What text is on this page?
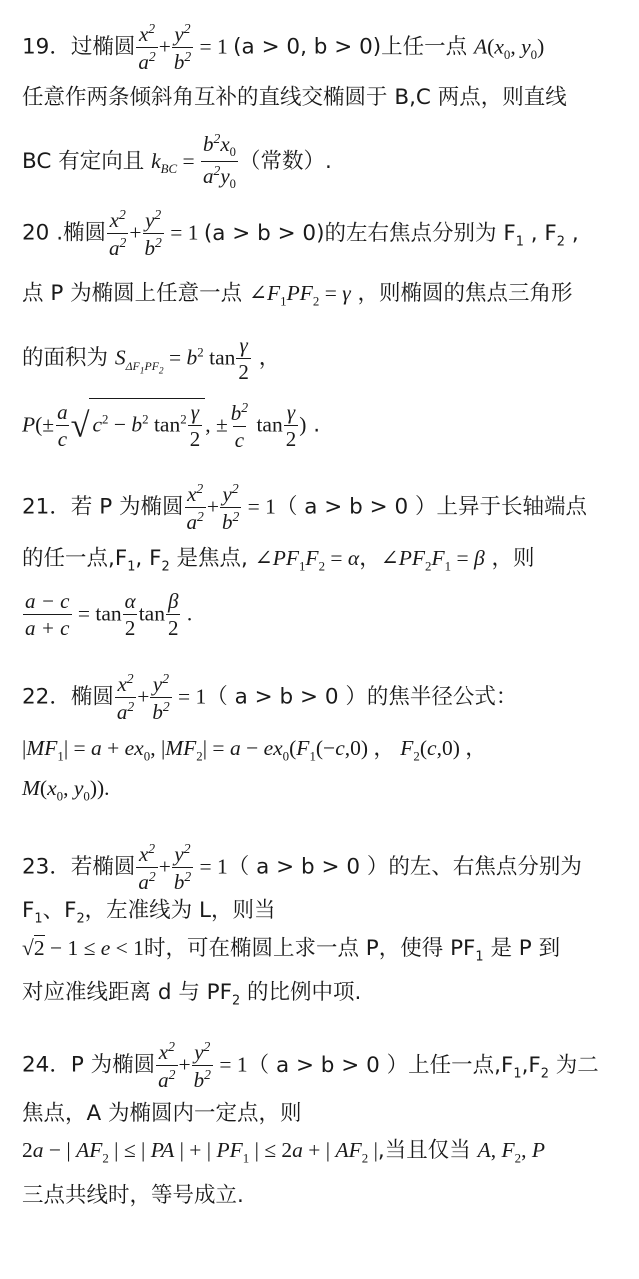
19．过椭圆 $\frac{x^2}{a^2} + \frac{y^2}{b^2} = 1$ (a > 0, b > 0)上任一点 $A(x_0$, $y_0$)
任意作两条倾斜角互补的直线交椭圆于 B,C 两点，则直线
BC 有定向且 $k_{BC} = \frac{b^2x_0}{a^2y_0}$ （常数）.
20 .椭圆 $\frac{x^2}{a^2} + \frac{y^2}{b^2} = 1$ (a > b > 0)的左右焦点分别为 $F_1$ , $F_2$ ,
点 P 为椭圆上任意一点 $\angle F_1PF_2 = \gamma$ ，则椭圆的焦点三角形
的面积为 $S_{\Delta F_1PF_2} = b^2$ $\tan \frac{\gamma}{2}$ ，
$P(\pm \frac{a}{c}$ √ $c^2 - b^2$ $\tan^2 \frac{\gamma}{2}$ , ± $\frac{b^2}{c}$ $\tan \frac{\gamma}{2}$ ) .
21．若 P 为椭圆 $\frac{x^2}{a^2} + \frac{y^2}{b^2} = 1$（ a > b > 0 ）上异于长轴端点
的任一点$,F_1$, $F_2$ 是焦点, $\angle PF_1F_2 = \alpha$，$\angle PF_2F_1 = \beta$ ，则
$\frac{a - c}{a + c} = \tan \frac{\alpha}{2}$ $\tan \frac{\beta}{2}$ .
22．椭圆 $\frac{x^2}{a^2} + \frac{y^2}{b^2} = 1$（ a > b > 0 ）的焦半径公式：
$|MF_1| = a + ex_0$, $|MF_2| = a - ex_0(F_1(-c,0)$ ， $F_2(c,0)$ ，
$M(x_0$, $y_0$)).
23．若椭圆 $\frac{x^2}{a^2} + \frac{y^2}{b^2} = 1$（ a > b > 0 ）的左、右焦点分别为
$F_1$、$F_2$，左准线为 L，则当
√2 − 1 ≤ e < 1时，可在椭圆上求一点 P，使得 $PF_1$ 是 P 到
对应准线距离 d 与 $PF_2$ 的比例中项.
24．P 为椭圆 $\frac{x^2}{a^2} + \frac{y^2}{b^2} = 1$（ a > b > 0 ）上任一点$,F_1,F_2$ 为二
焦点，A 为椭圆内一定点，则
2a − | $AF_2$ | ≤ | PA | + | $PF_1$ | ≤ 2a + | $AF_2$ |,当且仅当 A, $F_2$, P
三点共线时，等号成立.
